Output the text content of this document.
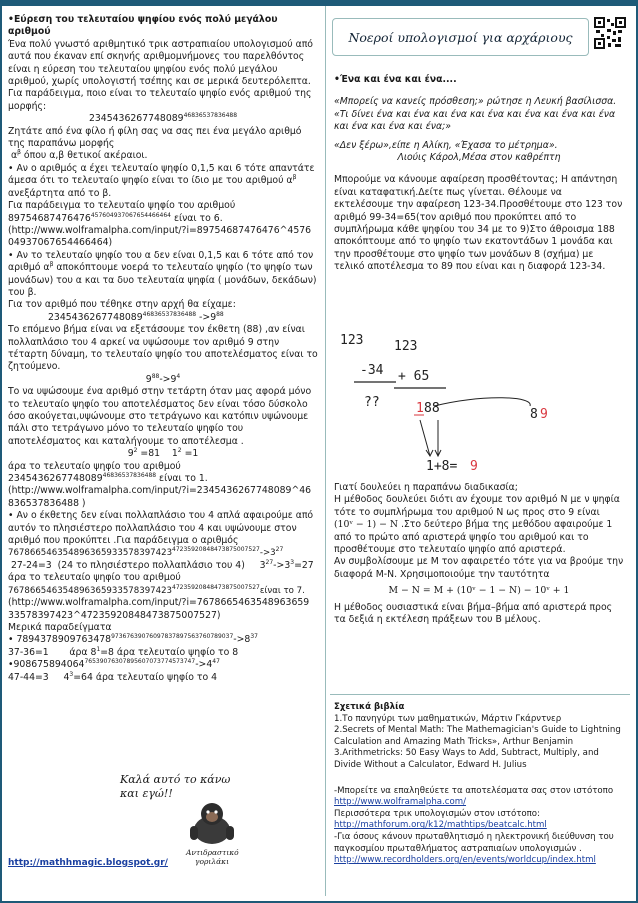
•Εύρεση του τελευταίου ψηφίου ενός πολύ μεγάλου αριθμού

Ένα πολύ γνωστό αριθμητικό τρικ αστραπιαίου υπολογισμού από αυτά που έκαναν επί σκηνής αριθμομνήμονες του παρελθόντος είναι η εύρεση του τελευταίου ψηφίου ενός πολύ μεγάλου αριθμού, χωρίς υπολογιστή τσέπης και σε μερικά δευτερόλεπτα. Για παράδειγμα, ποιο είναι το τελευταίο ψηφίο ενός αριθμού της μορφής:

$2345436267748089^{46836537836488}$

Ζητάτε από ένα φίλο ή φίλη σας να σας πει ένα μεγάλο αριθμό της παραπάνω μορφής

$\alpha^\beta$ όπου α,β θετικοί ακέραιοι.

• Αν ο αριθμός α έχει τελευταίο ψηφίο 0,1,5 και 6 τότε απαντάτε άμεσα ότι το τελευταίο ψηφίο είναι το ίδιο με του αριθμού $\alpha^\beta$ ανεξάρτητα από το β.

Για παράδειγμα το τελευταίο ψηφίο του αριθμού

$89754687476476^{457604937067654466464}$ είναι το 6.

(http://www.wolframalpha.com/input/?i=89754687476476^4576 04937067654466464)

• Αν το τελευταίο ψηφίο του α δεν είναι 0,1,5 και 6 τότε από τον αριθμό $\alpha^\beta$ αποκόπτουμε νοερά το τελευταίο ψηφίο (το ψηφίο των μονάδων) του α και τα δυο τελευταία ψηφία ( μονάδων, δεκάδων) του β.

Για τον αριθμό που τέθηκε στην αρχή θα είχαμε:

$2345436267748089^{46836537836488}$ $->9^{88}$

Το επόμενο βήμα είναι να εξετάσουμε τον έκθετη (88) ,αν είναι πολλαπλάσιο του 4 αρκεί να υψώσουμε τον αριθμό 9 στην τέταρτη δύναμη, το τελευταίο ψηφίο του αποτελέσματος είναι το ζητούμενο.

$9^{88}->9^4$

Το να υψώσουμε ένα αριθμό στην τετάρτη όταν μας αφορά μόνο το τελευταίο ψηφίο του αποτελέσματος δεν είναι τόσο δύσκολο όσο ακούγεται,υψώνουμε στο τετράγωνο και κατόπιν υψώνουμε πάλι στο τετράγωνο μόνο το τελευταίο ψηφίο του αποτελέσματος και καταλήγουμε το αποτέλεσμα .

$9^2 =81$    $1^2 =1$

άρα το τελευταίο ψηφίο του αριθμού

$2345436267748089^{46836537836488}$ είναι το 1.

(http://www.wolframalpha.com/input/?i=2345436267748089^46 836537836488 )

• Αν ο έκθετης δεν είναι πολλαπλάσιο του 4 απλά αφαιρούμε από αυτόν το πλησιέστερο πολλαπλάσιο του 4 και υψώνουμε στον αριθμό που προκύπτει .Για παράδειγμα ο αριθμός

$767866546354896365933578397423^{47235920848473875007527}->3^{27}$

27-24=3  (24 το πλησιέστερο πολλαπλάσιο του 4)     $3^{27}->3^3=27$

άρα το τελευταίο ψηφίο του αριθμού

$767866546354896365933578397423^{47235920848473875007527}\varepsilon ί\nu\alpha\iota$ το 7.

(http://www.wolframalpha.com/input/?i=7678665463548963659 33578397423^47235920848473875007527)

Μερικά παραδείγματα

• $7894378909763478^{97367639076097837897563760789037}->8^{37}$

37-36=1       άρα $8^1=8$ άρα τελευταίο ψηφίο το 8

$•908675894064^{76539076307895607073774573747}->4^{47}$

47-44=3     $4^3=64$ άρα τελευταίο ψηφίο το 4

Καλά αυτό το κάνω
και εγώ!!
Αντιδραστικό
γοριλάκι
http://mathhmagic.blogspot.gr/
Νοεροί υπολογισμοί για αρχάριους

•Ένα και ένα και ένα....

«Μπορείς να κανείς πρόσθεση;» ρώτησε η Λευκή βασίλισσα. «Τι δίνει ένα και ένα και ένα και ένα και ένα και ένα και ένα και ένα και ένα και ένα;»

«Δεν ξέρω»,είπε η Αλίκη, «Έχασα το μέτρημα».

Λιούις Κάρολ,Μέσα στον καθρέπτη

Μπορούμε να κάνουμε αφαίρεση προσθέτοντας; Η απάντηση είναι καταφατική.Δείτε πως γίνεται. Θέλουμε να εκτελέσουμε την αφαίρεση 123-34.Προσθέτουμε στο 123 τον αριθμό 99-34=65(τον αριθμό που προκύπτει από το συμπλήρωμα κάθε ψηφίου του 34 με το 9)Στο άθροισμα 188 αποκόπτουμε από το ψηφίο των εκατοντάδων 1 μονάδα και την προσθέτουμε στο ψηφίο των μονάδων 8 (σχήμα) με τελικό αποτέλεσμα το 89 που είναι και η διαφορά 123-34.

123 123
-34 + 65
??	1 88	8 9
1+8= 9

Γιατί δουλεύει η παραπάνω διαδικασία;

Η μέθοδος δουλεύει διότι αν έχουμε τον αριθμό Ν με ν ψηφία τότε το συμπλήρωμα του αριθμού Ν ως προς στο 9 είναι

(10ᵛ − 1) − N .Στο δεύτερο βήμα της μεθόδου αφαιρούμε 1 από το πρώτο από αριστερά ψηφίο του αριθμού και το προσθέτουμε στο τελευταίο ψηφίο από αριστερά.

Αν συμβολίσουμε με Μ τον αφαιρετέο τότε για να βρούμε την διαφορά Μ-Ν. Χρησιμοποιούμε την ταυτότητα

M − N = M + (10ᵛ − 1 − N) − 10ᵛ + 1

Η μέθοδος ουσιαστικά είναι βήμα–βήμα από αριστερά προς τα δεξιά η εκτέλεση πράξεων του Β μέλους.

Σχετικά βιβλία

1.Το πανηγύρι των μαθηματικών, Μάρτιν Γκάρντνερ

2.Secrets of Mental Math: The Mathemagician's Guide to Lightning Calculation and Amazing Math Tricks», Arthur Benjamin

3.Arithmetricks: 50 Easy Ways to Add, Subtract, Multiply, and Divide Without a Calculator, Edward H. Julius

-Μπορείτε να επαληθεύετε τα αποτελέσματα σας στον ιστότοπο

http://www.wolframalpha.com/

Περισσότερα τρικ υπολογισμών στον ιστότοπο:

http://mathforum.org/k12/mathtips/beatcalc.html

-Για όσους κάνουν πρωταθλητισμό η ηλεκτρονική διεύθυνση του παγκοσμίου πρωταθλήματος αστραπιαίων υπολογισμών .

http://www.recordholders.org/en/events/worldcup/index.html
